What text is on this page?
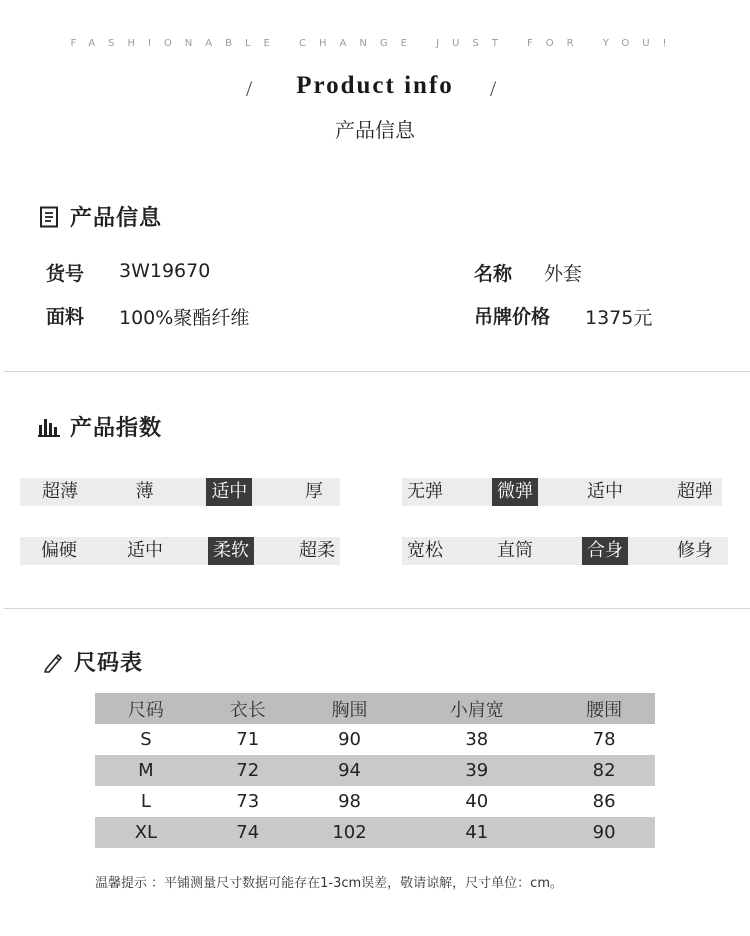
FASHIONABLE CHANGE JUST FOR YOU!
/	Product info	/
产品信息
产品信息
货号 3W19670	名称 外套
面料 100%聚酯纤维	吊牌价格 1375元
产品指数
超薄	薄	适中	厚	无弹	微弹	适中	超弹
偏硬	适中	柔软	超柔	宽松	直筒	合身	修身
尺码表
尺码	衣长	胸围	小肩宽	腰围
S	71	90	38	78
M	72	94	39	82
L	73	98	40	86
XL	74	102	41	90
温馨提示 ：平铺测量尺寸数据可能存在1-3cm误差，敬请谅解，尺寸单位：cm。
